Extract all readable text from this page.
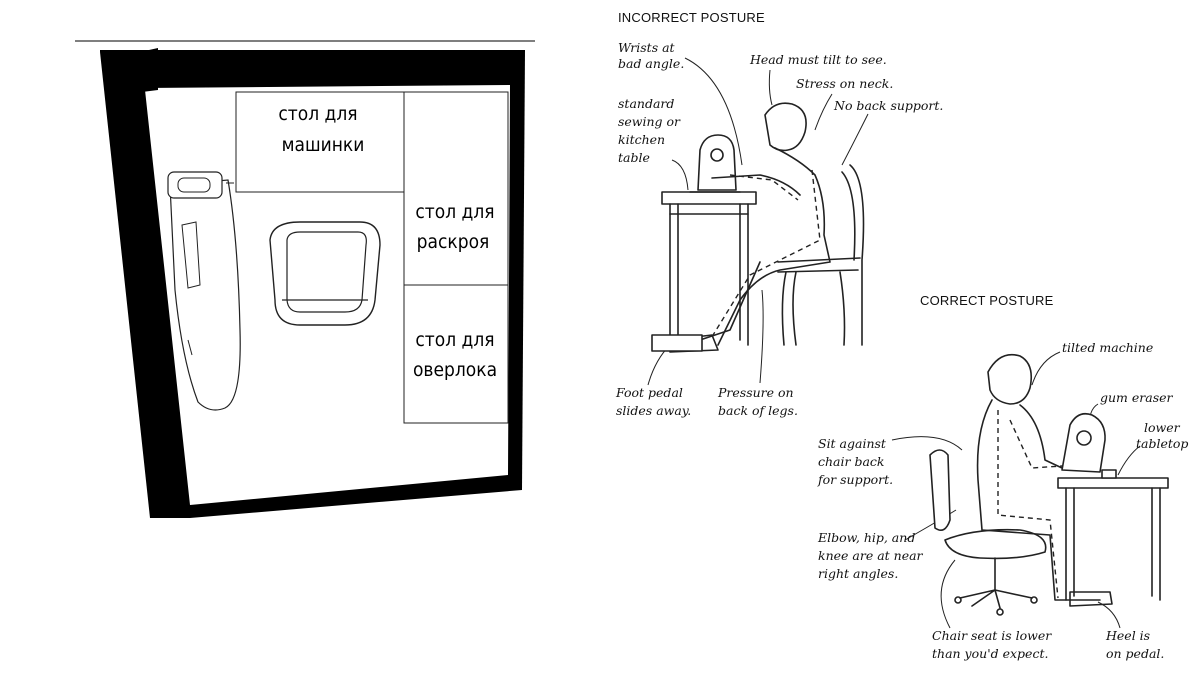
стол для
машинки
стол для
раскроя
стол для
оверлока
INCORRECT POSTURE
CORRECT POSTURE
Wrists at
bad angle.	Head must tilt to see.
Stress on neck.
No back support.
standard
sewing or
kitchen
table
Foot pedal
slides away.
Pressure on
back of legs.
tilted machine
gum eraser
lower
tabletop
Sit against
chair back
for support.
Elbow, hip, and
knee are at near
right angles.
Chair seat is lower
than you'd expect.
Heel is
on pedal.
